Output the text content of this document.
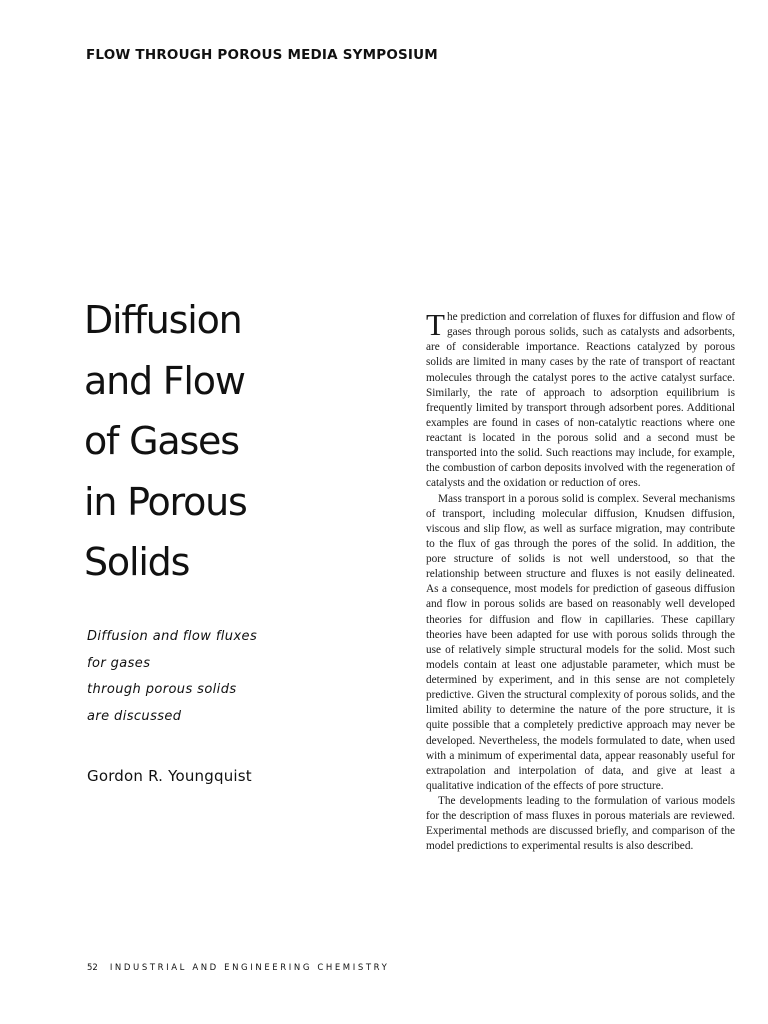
FLOW THROUGH POROUS MEDIA SYMPOSIUM
Diffusion
and Flow
of Gases
in Porous
Solids
Diffusion and flow fluxes
for gases
through porous solids
are discussed
Gordon R. Youngquist

The prediction and correlation of fluxes for diffusion and flow of gases through porous solids, such as catalysts and adsorbents, are of considerable importance. Reactions catalyzed by porous solids are limited in many cases by the rate of transport of reactant molecules through the catalyst pores to the active catalyst surface. Similarly, the rate of approach to adsorption equilibrium is frequently limited by transport through adsorbent pores. Additional examples are found in cases of non-catalytic reactions where one reactant is located in the porous solid and a second must be transported into the solid. Such reactions may include, for example, the combustion of carbon deposits involved with the regeneration of catalysts and the oxidation or reduction of ores.

Mass transport in a porous solid is complex. Several mechanisms of transport, including molecular diffusion, Knudsen diffusion, viscous and slip flow, as well as surface migration, may contribute to the flux of gas through the pores of the solid. In addition, the pore structure of solids is not well understood, so that the relationship between structure and fluxes is not easily delineated. As a consequence, most models for prediction of gaseous diffusion and flow in porous solids are based on reasonably well developed theories for diffusion and flow in capillaries. These capillary theories have been adapted for use with porous solids through the use of relatively simple structural models for the solid. Most such models contain at least one adjustable parameter, which must be determined by experiment, and in this sense are not completely predictive. Given the structural complexity of porous solids, and the limited ability to determine the nature of the pore structure, it is quite possible that a completely predictive approach may never be developed. Nevertheless, the models formulated to date, when used with a minimum of experimental data, appear reasonably useful for extrapolation and interpolation of data, and give at least a qualitative indication of the effects of pore structure.

The developments leading to the formulation of various models for the description of mass fluxes in porous materials are reviewed. Experimental methods are discussed briefly, and comparison of the model predictions to experimental results is also described.

52 INDUSTRIAL AND ENGINEERING CHEMISTRY
